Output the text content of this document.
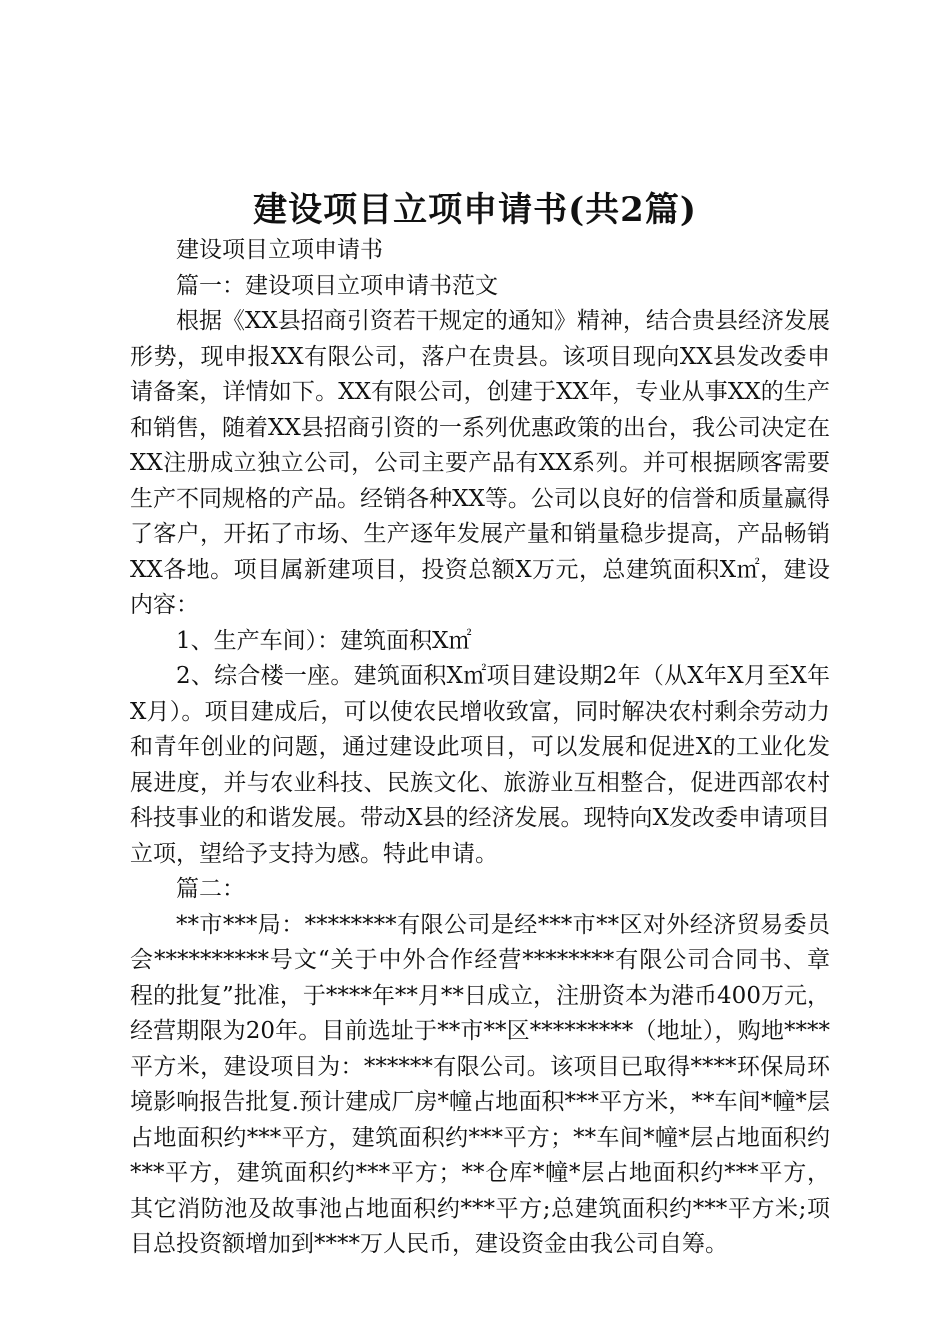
建设项目立项申请书(共2篇)

建设项目立项申请书

篇一：建设项目立项申请书范文

根据《XX县招商引资若干规定的通知》精神，结合贵县经济发展形势，现申报XX有限公司，落户在贵县。该项目现向XX县发改委申请备案，详情如下。XX有限公司，创建于XX年，专业从事XX的生产和销售，随着XX县招商引资的一系列优惠政策的出台，我公司决定在XX注册成立独立公司，公司主要产品有XX系列。并可根据顾客需要生产不同规格的产品。经销各种XX等。公司以良好的信誉和质量赢得了客户，开拓了市场、生产逐年发展产量和销量稳步提高，产品畅销XX各地。项目属新建项目，投资总额X万元，总建筑面积X㎡，建设内容：

1、生产车间）：建筑面积X㎡

2、综合楼一座。建筑面积X㎡项目建设期2年（从X年X月至X年X月）。项目建成后，可以使农民增收致富，同时解决农村剩余劳动力和青年创业的问题，通过建设此项目，可以发展和促进X的工业化发展进度，并与农业科技、民族文化、旅游业互相整合，促进西部农村科技事业的和谐发展。带动X县的经济发展。现特向X发改委申请项目立项，望给予支持为感。特此申请。

篇二：

**市***局：********有限公司是经***市**区对外经济贸易委员会**********号文“关于中外合作经营********有限公司合同书、章程的批复”批准，于****年**月**日成立，注册资本为港币400万元，经营期限为20年。目前选址于**市**区*********（地址），购地****平方米，建设项目为：******有限公司。该项目已取得****环保局环境影响报告批复.预计建成厂房*幢占地面积***平方米，**车间*幢*层占地面积约***平方，建筑面积约***平方；**车间*幢*层占地面积约***平方，建筑面积约***平方；**仓库*幢*层占地面积约***平方，其它消防池及故事池占地面积约***平方;总建筑面积约***平方米;项目总投资额增加到****万人民币，建设资金由我公司自筹。
